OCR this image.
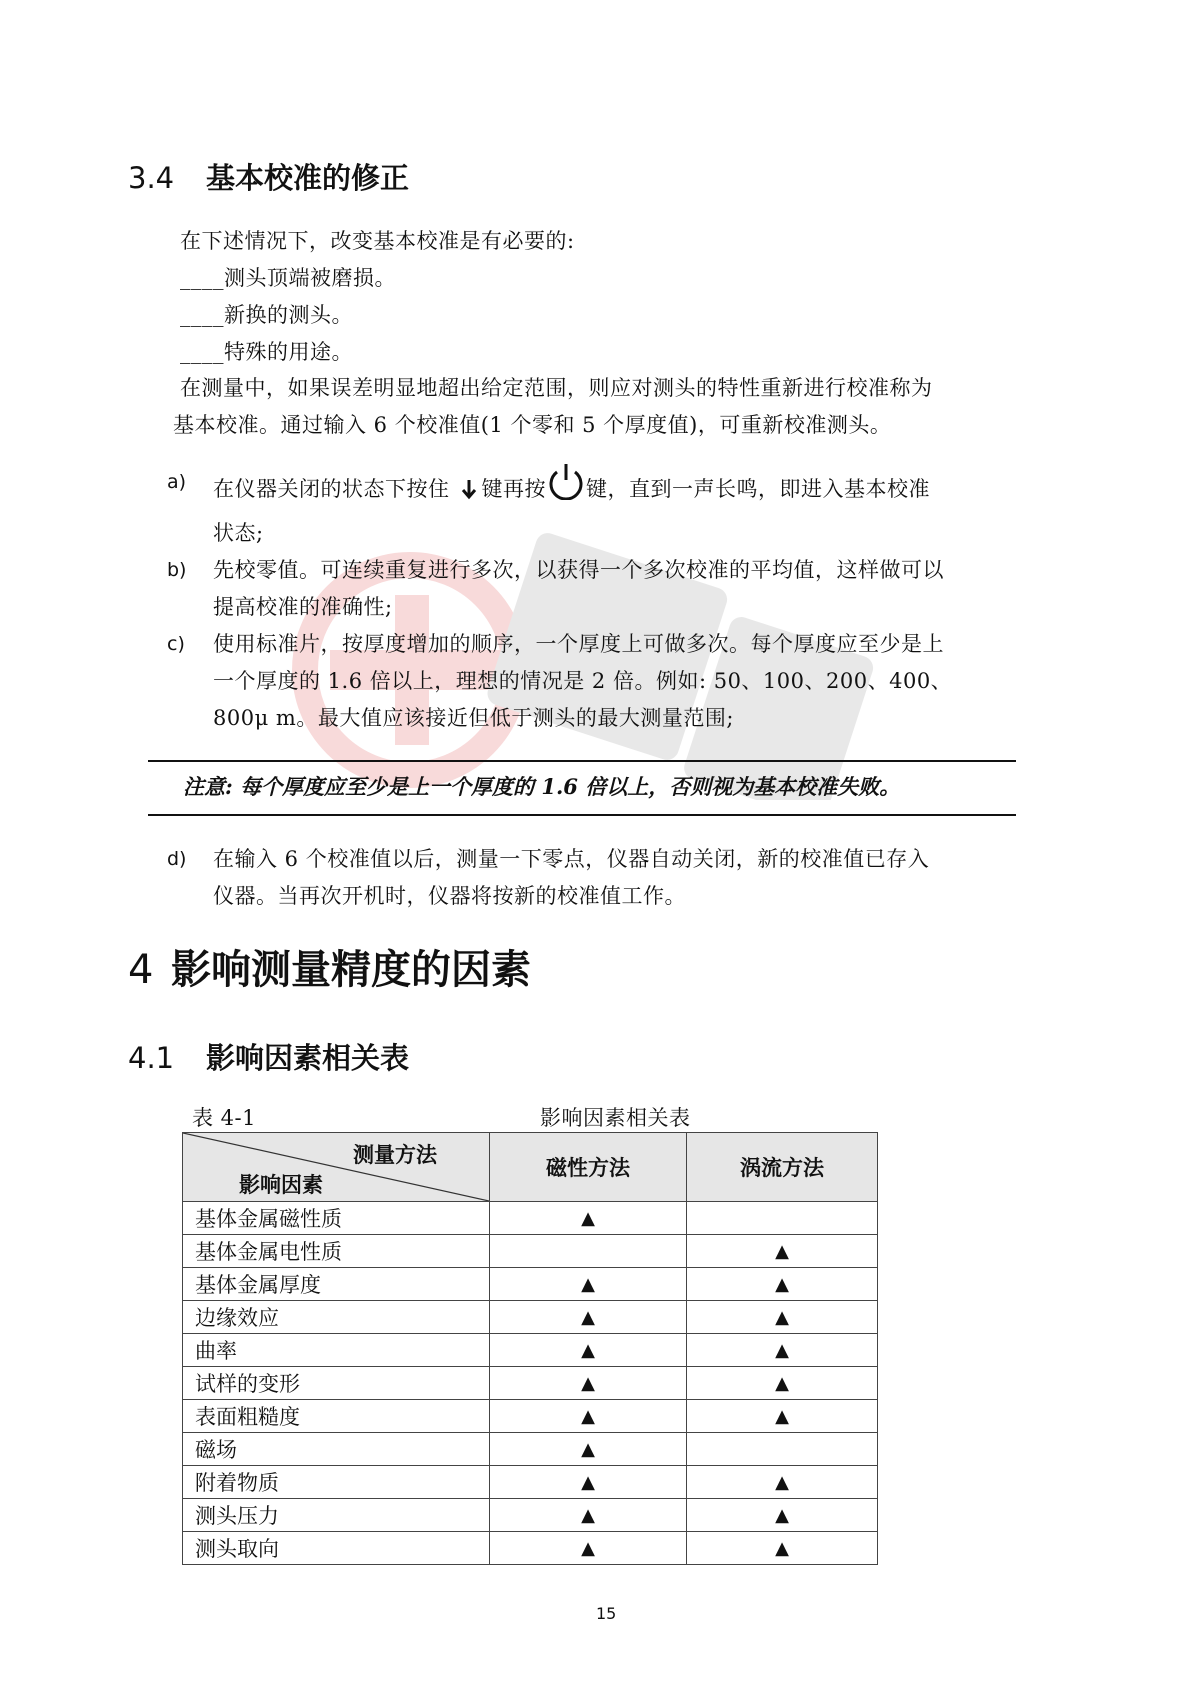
3.4 基本校准的修正
在下述情况下，改变基本校准是有必要的:
____测头顶端被磨损。
____新换的测头。
____特殊的用途。
在测量中，如果误差明显地超出给定范围，则应对测头的特性重新进行校准称为
基本校准。通过输入 6 个校准值(1 个零和 5 个厚度值)，可重新校准测头。
a) 在仪器关闭的状态下按住 键再按 键，直到一声长鸣，即进入基本校准
状态;
b) 先校零值。可连续重复进行多次，以获得一个多次校准的平均值，这样做可以
提高校准的准确性;
c) 使用标准片，按厚度增加的顺序，一个厚度上可做多次。每个厚度应至少是上
一个厚度的 1.6 倍以上，理想的情况是 2 倍。例如: 50、100、200、400、
800μ m。最大值应该接近但低于测头的最大测量范围;
注意: 每个厚度应至少是上一个厚度的 1.6 倍以上，否则视为基本校准失败。
d) 在输入 6 个校准值以后，测量一下零点，仪器自动关闭，新的校准值已存入
仪器。当再次开机时，仪器将按新的校准值工作。
4 影响测量精度的因素
4.1 影响因素相关表
表 4-1	影响因素相关表
测量方法
影响因素	磁性方法	涡流方法
基体金属磁性质	▲	
基体金属电性质		▲
基体金属厚度	▲	▲
边缘效应	▲	▲
曲率	▲	▲
试样的变形	▲	▲
表面粗糙度	▲	▲
磁场	▲	
附着物质	▲	▲
测头压力	▲	▲
测头取向	▲	▲
15
